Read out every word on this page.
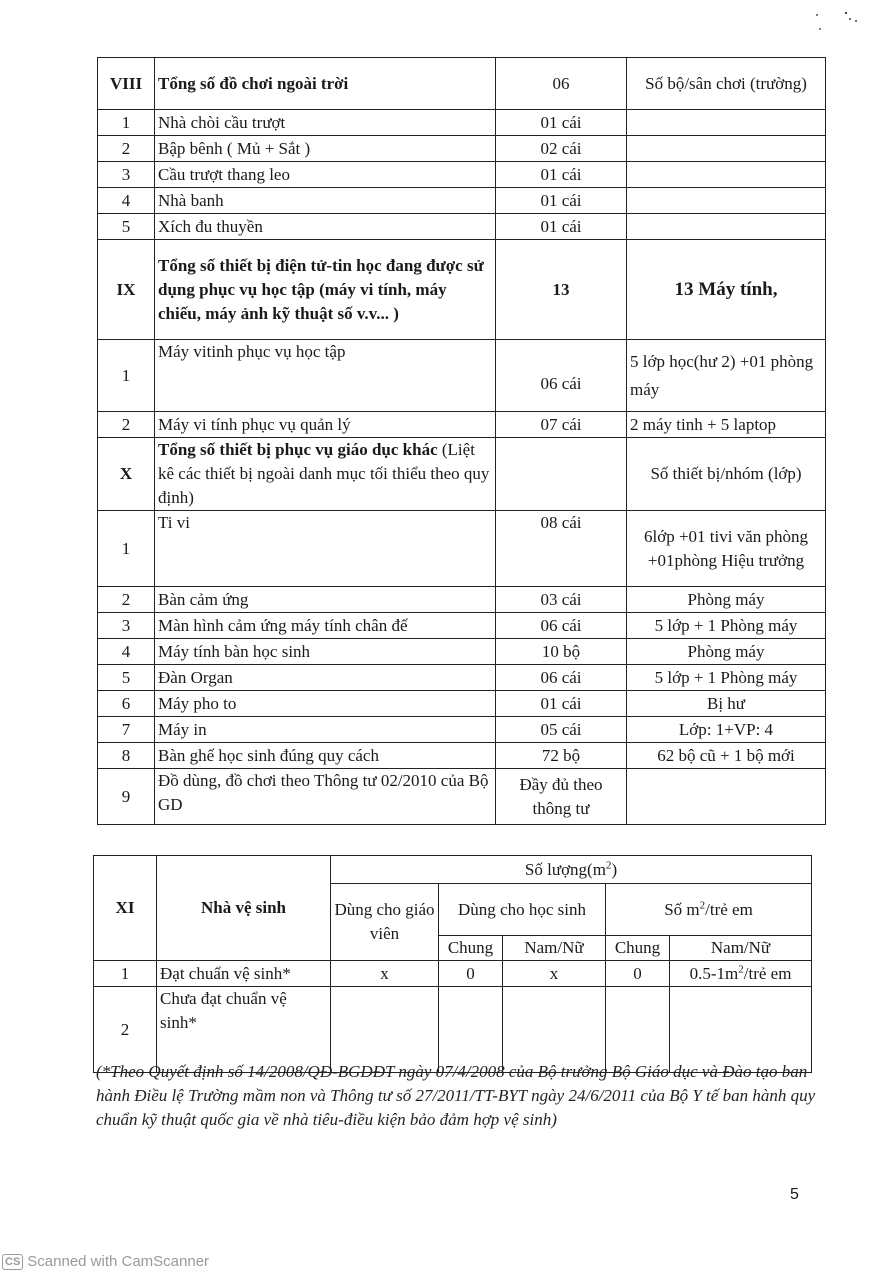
VIII	Tổng số đồ chơi ngoài trời	06	Số bộ/sân chơi (trường)
1	Nhà chòi cầu trượt	01 cái	
2	Bập bênh ( Mủ + Sắt )	02 cái	
3	Cầu trượt thang leo	01 cái	
4	Nhà banh	01 cái	
5	Xích đu thuyền	01 cái	
IX	Tổng số thiết bị điện tử-tin học đang được sử dụng phục vụ học tập (máy vi tính, máy chiếu, máy ảnh kỹ thuật số v.v... )	13	13 Máy tính,
1	Máy vitinh phục vụ học tập	06 cái	5 lớp học(hư 2) +01 phòng máy
2	Máy vi tính phục vụ quản lý	07 cái	2 máy tinh + 5 laptop
X	Tổng số thiết bị phục vụ giáo dục khác (Liệt kê các thiết bị ngoài danh mục tối thiểu theo quy định)		Số thiết bị/nhóm (lớp)
1	Ti vi	08 cái	6lớp +01 tivi văn phòng +01phòng Hiệu trưởng
2	Bàn cảm ứng	03 cái	Phòng máy
3	Màn hình cảm ứng máy tính chân đế	06 cái	5 lớp + 1 Phòng máy
4	Máy tính bàn học sinh	10 bộ	Phòng máy
5	Đàn Organ	06 cái	5 lớp + 1 Phòng máy
6	Máy pho to	01 cái	Bị hư
7	Máy in	05 cái	Lớp: 1+VP: 4
8	Bàn ghế học sinh đúng quy cách	72 bộ	62 bộ cũ + 1 bộ mới
9	Đồ dùng, đồ chơi theo Thông tư 02/2010 của Bộ GD	Đầy đủ theo thông tư	
XI	Nhà vệ sinh	Số $lượng(m^2)$				
		Dùng cho giáo viên	Dùng cho học sinh		Số $m^2$/trẻ em	
			Chung	Nam/Nữ	Chung	Nam/Nữ
1	Đạt chuẩn vệ sinh*	x	0	x	0	$0.5-1m^2$/trẻ em
2	Chưa đạt chuẩn vệ sinh*					
(*Theo Quyết định số 14/2008/QĐ-BGDĐT ngày 07/4/2008 của Bộ trưởng Bộ Giáo dục và Đào tạo ban hành Điều lệ Trường mầm non và Thông tư số 27/2011/TT-BYT ngày 24/6/2011 của Bộ Y tế ban hành quy chuẩn kỹ thuật quốc gia về nhà tiêu-điều kiện bảo đảm hợp vệ sinh)
5
CS Scanned with CamScanner
